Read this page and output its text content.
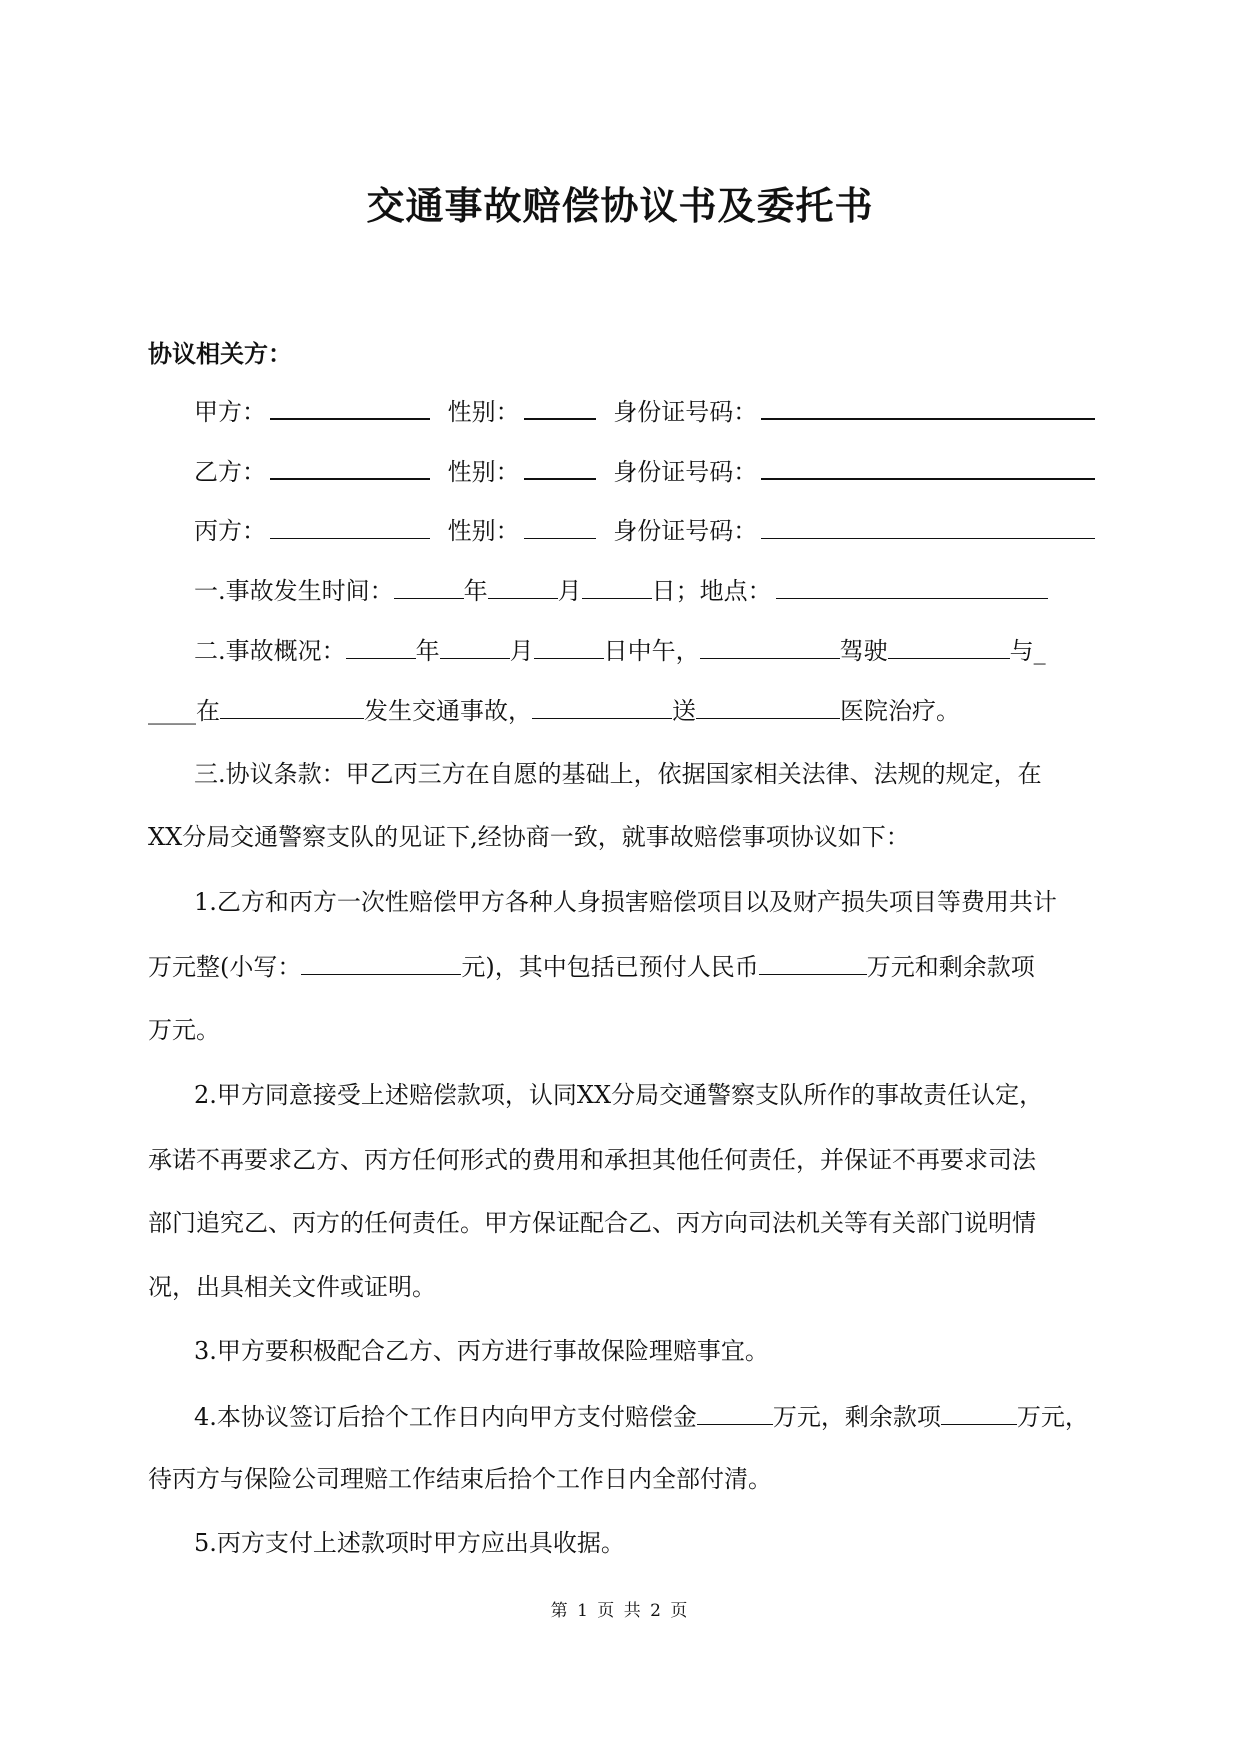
交通事故赔偿协议书及委托书
协议相关方：
甲方：	性别：	身份证号码：
乙方：	性别：	身份证号码：
丙方：	性别：	身份证号码：
一.事故发生时间：	年	月	日；地点：
二.事故概况：	年	月	日中午，	驾驶	与_
____在	发生交通事故，	送	医院治疗。
三.协议条款：甲乙丙三方在自愿的基础上，依据国家相关法律、法规的规定，在
XX分局交通警察支队的见证下,经协商一致，就事故赔偿事项协议如下：
1.乙方和丙方一次性赔偿甲方各种人身损害赔偿项目以及财产损失项目等费用共计
万元整(小写：	元)，其中包括已预付人民币	万元和剩余款项
万元。
2.甲方同意接受上述赔偿款项，认同XX分局交通警察支队所作的事故责任认定，
承诺不再要求乙方、丙方任何形式的费用和承担其他任何责任，并保证不再要求司法
部门追究乙、丙方的任何责任。甲方保证配合乙、丙方向司法机关等有关部门说明情
况，出具相关文件或证明。
3.甲方要积极配合乙方、丙方进行事故保险理赔事宜。
4.本协议签订后拾个工作日内向甲方支付赔偿金	万元，剩余款项	万元，
待丙方与保险公司理赔工作结束后拾个工作日内全部付清。
5.丙方支付上述款项时甲方应出具收据。
第 1 页 共 2 页
